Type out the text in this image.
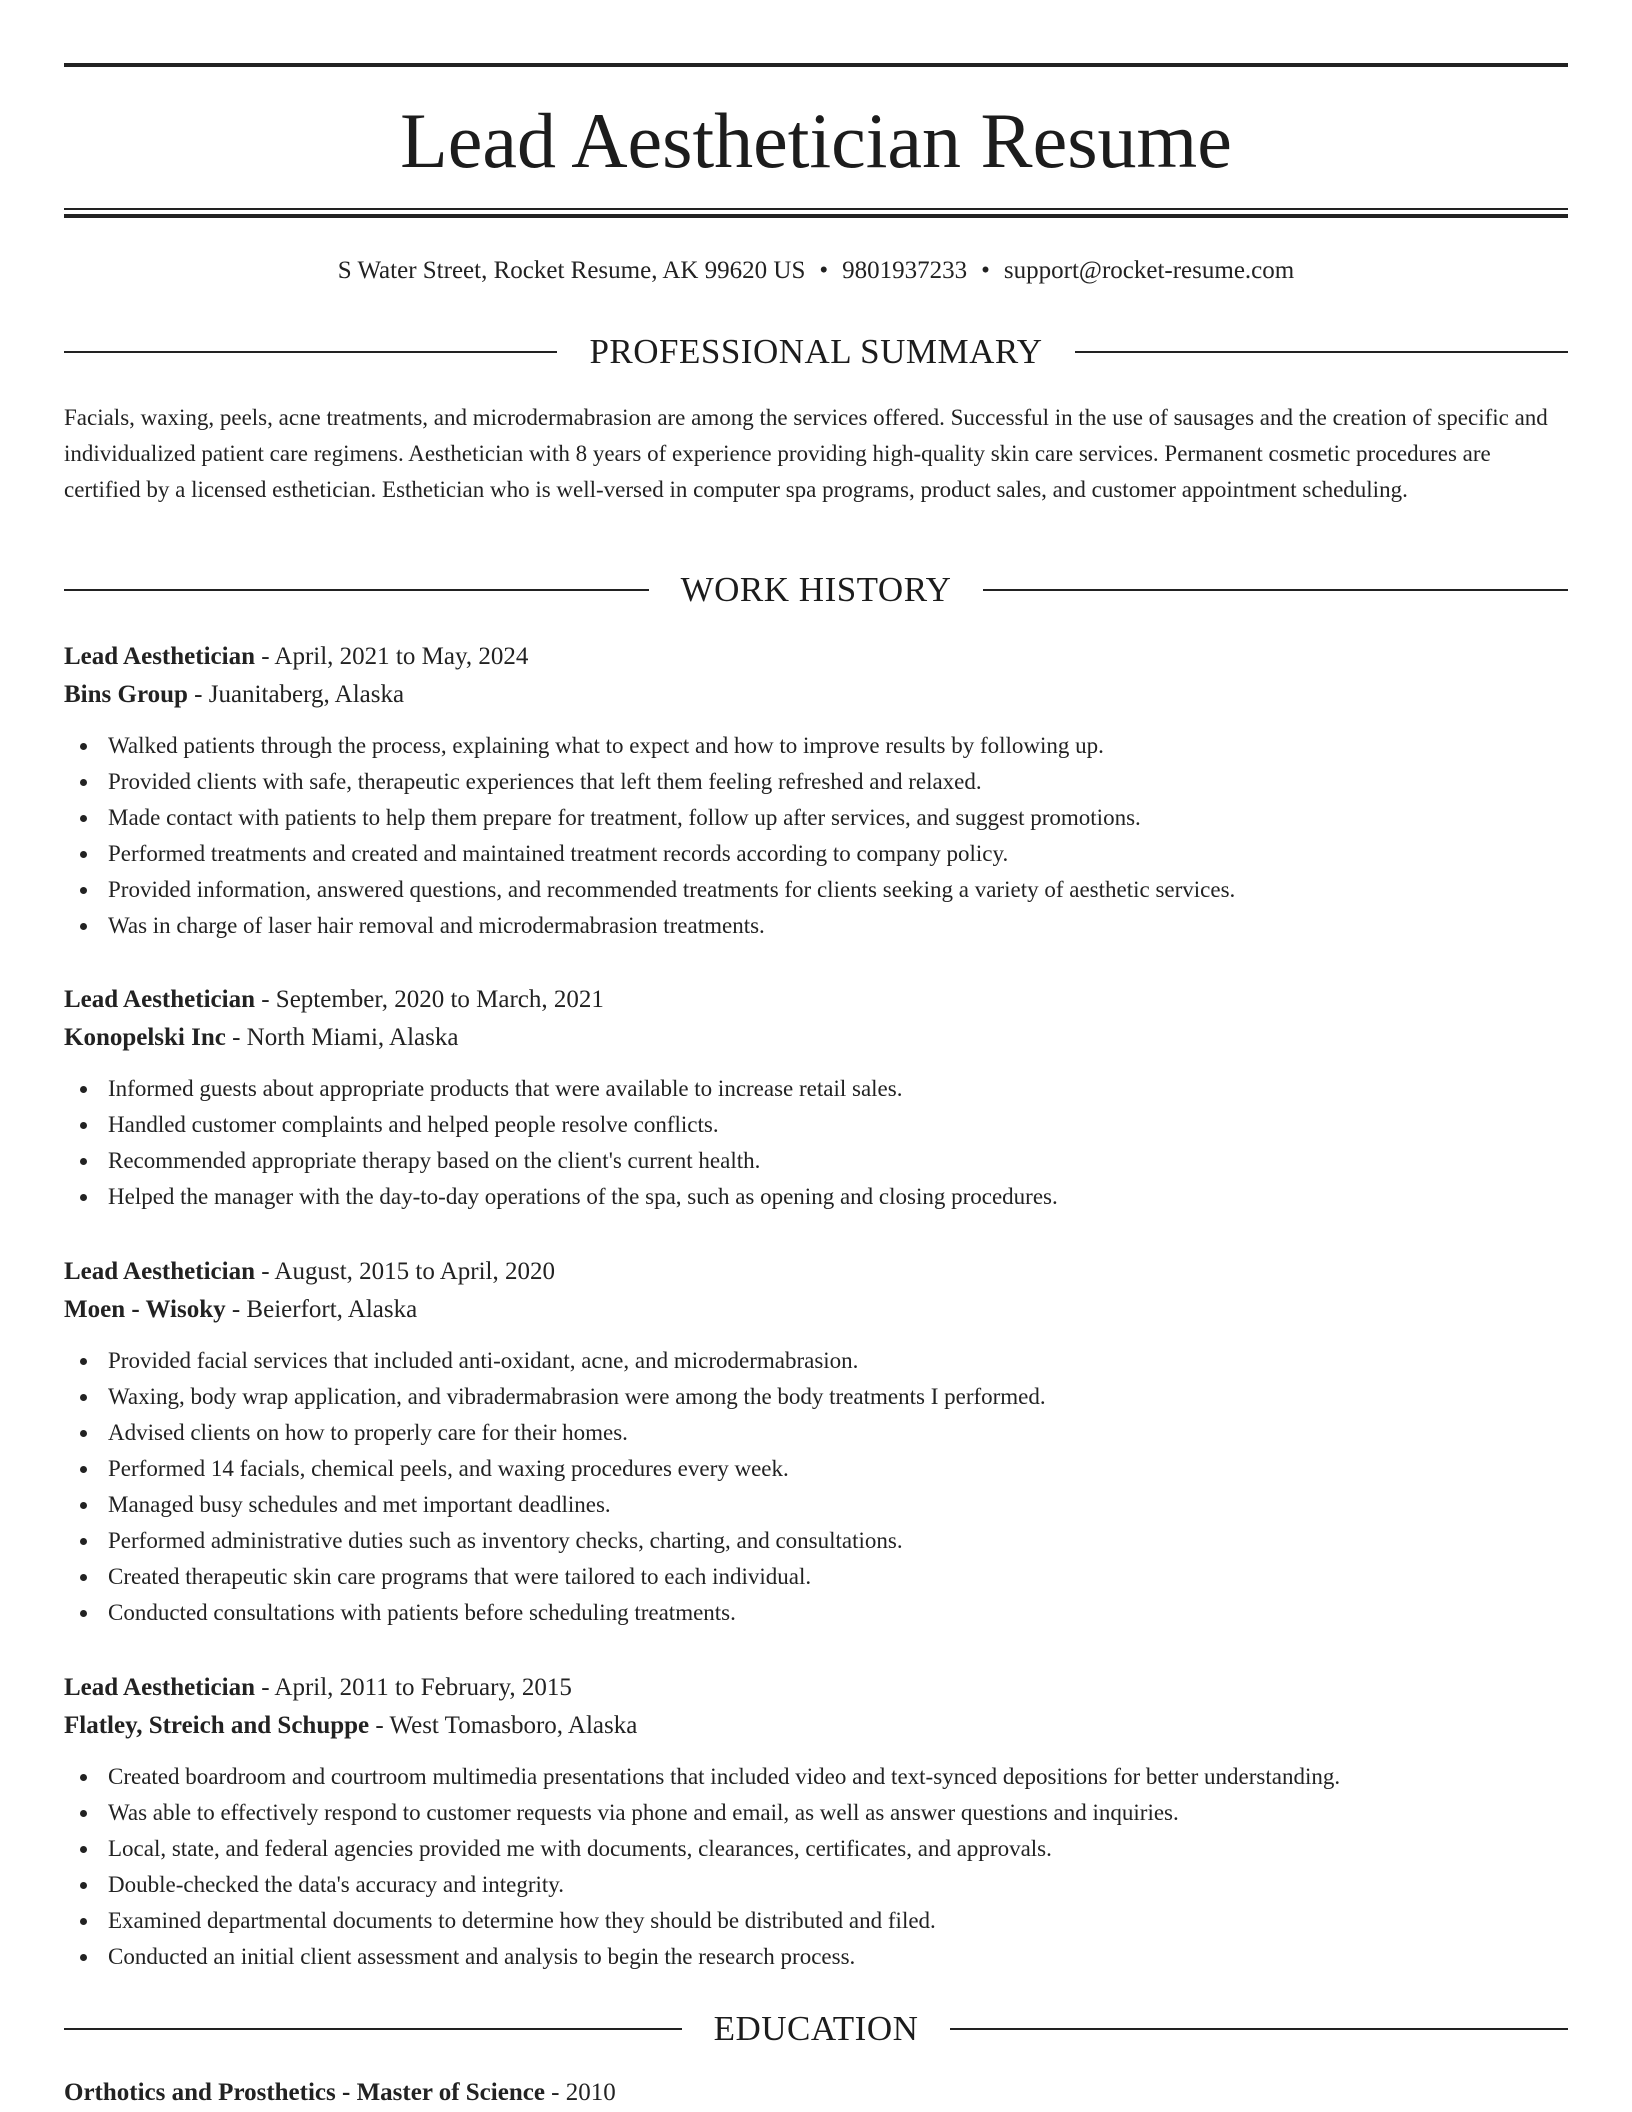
Lead Aesthetician Resume
S Water Street, Rocket Resume, AK 99620 US • 9801937233 • support@rocket-resume.com
PROFESSIONAL SUMMARY

Facials, waxing, peels, acne treatments, and microdermabrasion are among the services offered. Successful in the use of sausages and the creation of specific and individualized patient care regimens. Aesthetician with 8 years of experience providing high-quality skin care services. Permanent cosmetic procedures are certified by a licensed esthetician. Esthetician who is well-versed in computer spa programs, product sales, and customer appointment scheduling.

WORK HISTORY

Lead Aesthetician - April, 2021 to May, 2024

Bins Group - Juanitaberg, Alaska

Walked patients through the process, explaining what to expect and how to improve results by following up.
Provided clients with safe, therapeutic experiences that left them feeling refreshed and relaxed.
Made contact with patients to help them prepare for treatment, follow up after services, and suggest promotions.
Performed treatments and created and maintained treatment records according to company policy.
Provided information, answered questions, and recommended treatments for clients seeking a variety of aesthetic services.
Was in charge of laser hair removal and microdermabrasion treatments.

Lead Aesthetician - September, 2020 to March, 2021

Konopelski Inc - North Miami, Alaska

Informed guests about appropriate products that were available to increase retail sales.
Handled customer complaints and helped people resolve conflicts.
Recommended appropriate therapy based on the client's current health.
Helped the manager with the day-to-day operations of the spa, such as opening and closing procedures.

Lead Aesthetician - August, 2015 to April, 2020

Moen - Wisoky - Beierfort, Alaska

Provided facial services that included anti-oxidant, acne, and microdermabrasion.
Waxing, body wrap application, and vibradermabrasion were among the body treatments I performed.
Advised clients on how to properly care for their homes.
Performed 14 facials, chemical peels, and waxing procedures every week.
Managed busy schedules and met important deadlines.
Performed administrative duties such as inventory checks, charting, and consultations.
Created therapeutic skin care programs that were tailored to each individual.
Conducted consultations with patients before scheduling treatments.

Lead Aesthetician - April, 2011 to February, 2015

Flatley, Streich and Schuppe - West Tomasboro, Alaska

Created boardroom and courtroom multimedia presentations that included video and text-synced depositions for better understanding.
Was able to effectively respond to customer requests via phone and email, as well as answer questions and inquiries.
Local, state, and federal agencies provided me with documents, clearances, certificates, and approvals.
Double-checked the data's accuracy and integrity.
Examined departmental documents to determine how they should be distributed and filed.
Conducted an initial client assessment and analysis to begin the research process.
EDUCATION

Orthotics and Prosthetics - Master of Science - 2010
